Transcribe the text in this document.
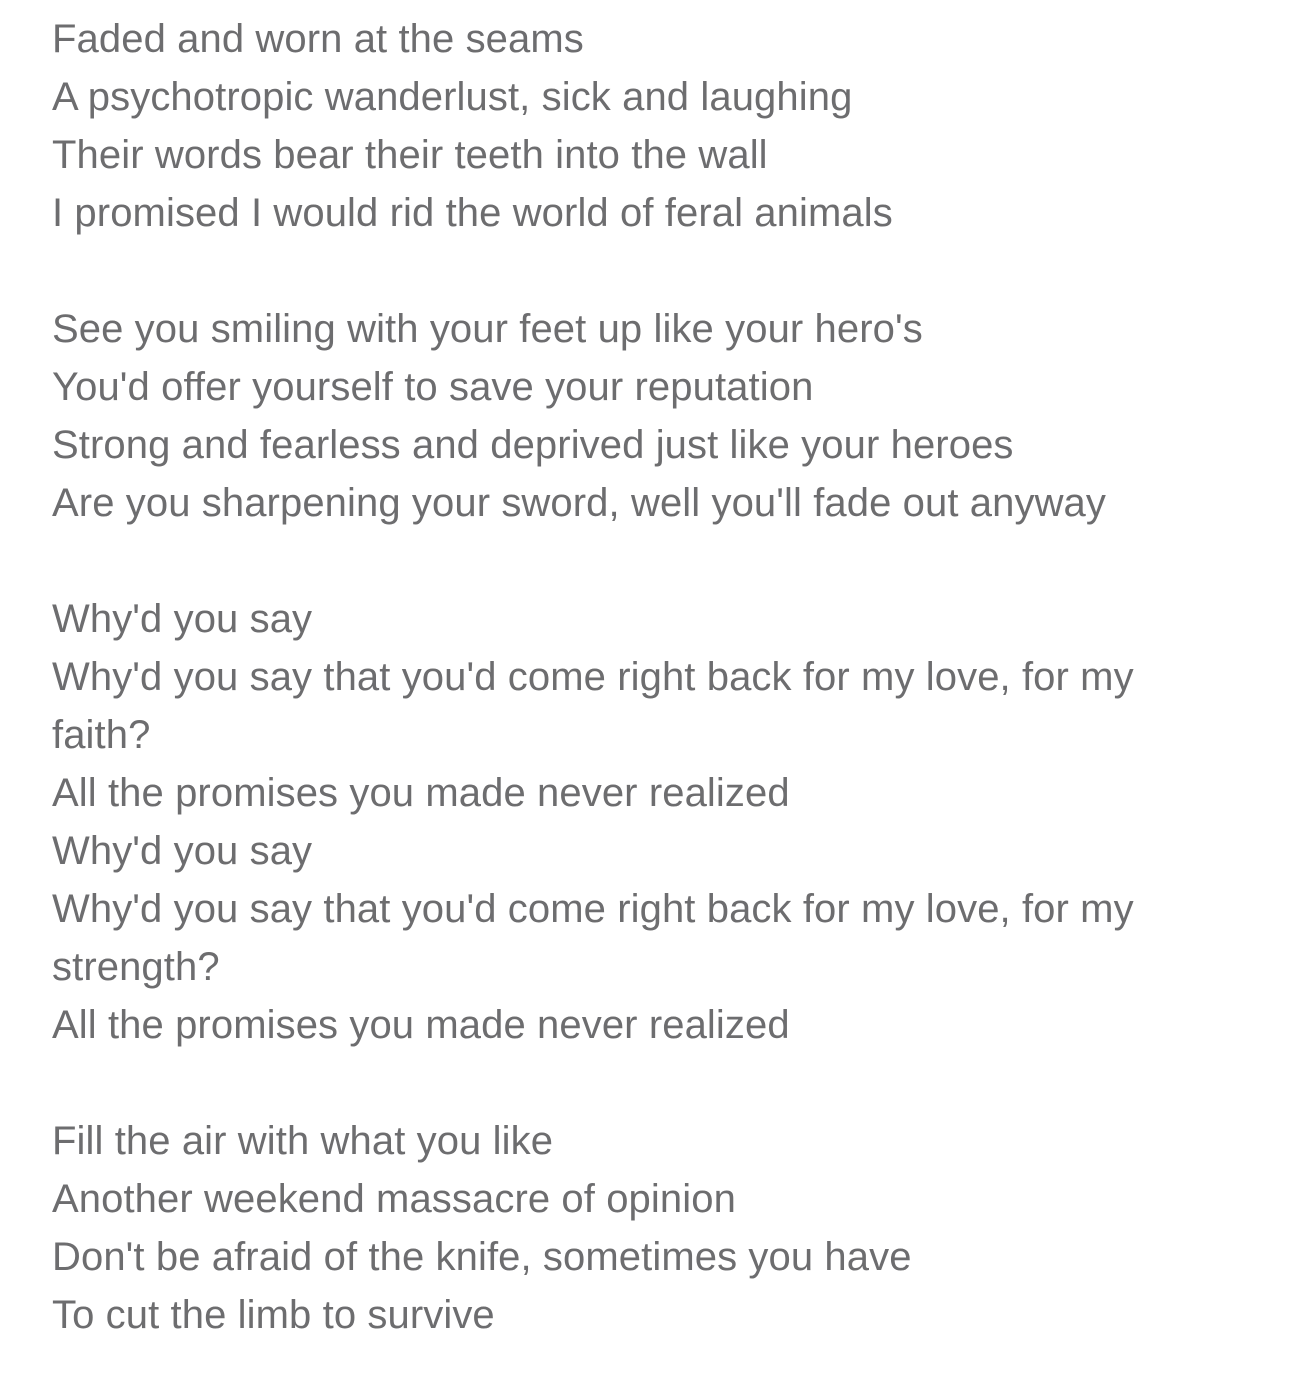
Faded and worn at the seams
A psychotropic wanderlust, sick and laughing
Their words bear their teeth into the wall
I promised I would rid the world of feral animals
See you smiling with your feet up like your hero's
You'd offer yourself to save your reputation
Strong and fearless and deprived just like your heroes
Are you sharpening your sword, well you'll fade out anyway
Why'd you say
Why'd you say that you'd come right back for my love, for my
faith?
All the promises you made never realized
Why'd you say
Why'd you say that you'd come right back for my love, for my
strength?
All the promises you made never realized
Fill the air with what you like
Another weekend massacre of opinion
Don't be afraid of the knife, sometimes you have
To cut the limb to survive
